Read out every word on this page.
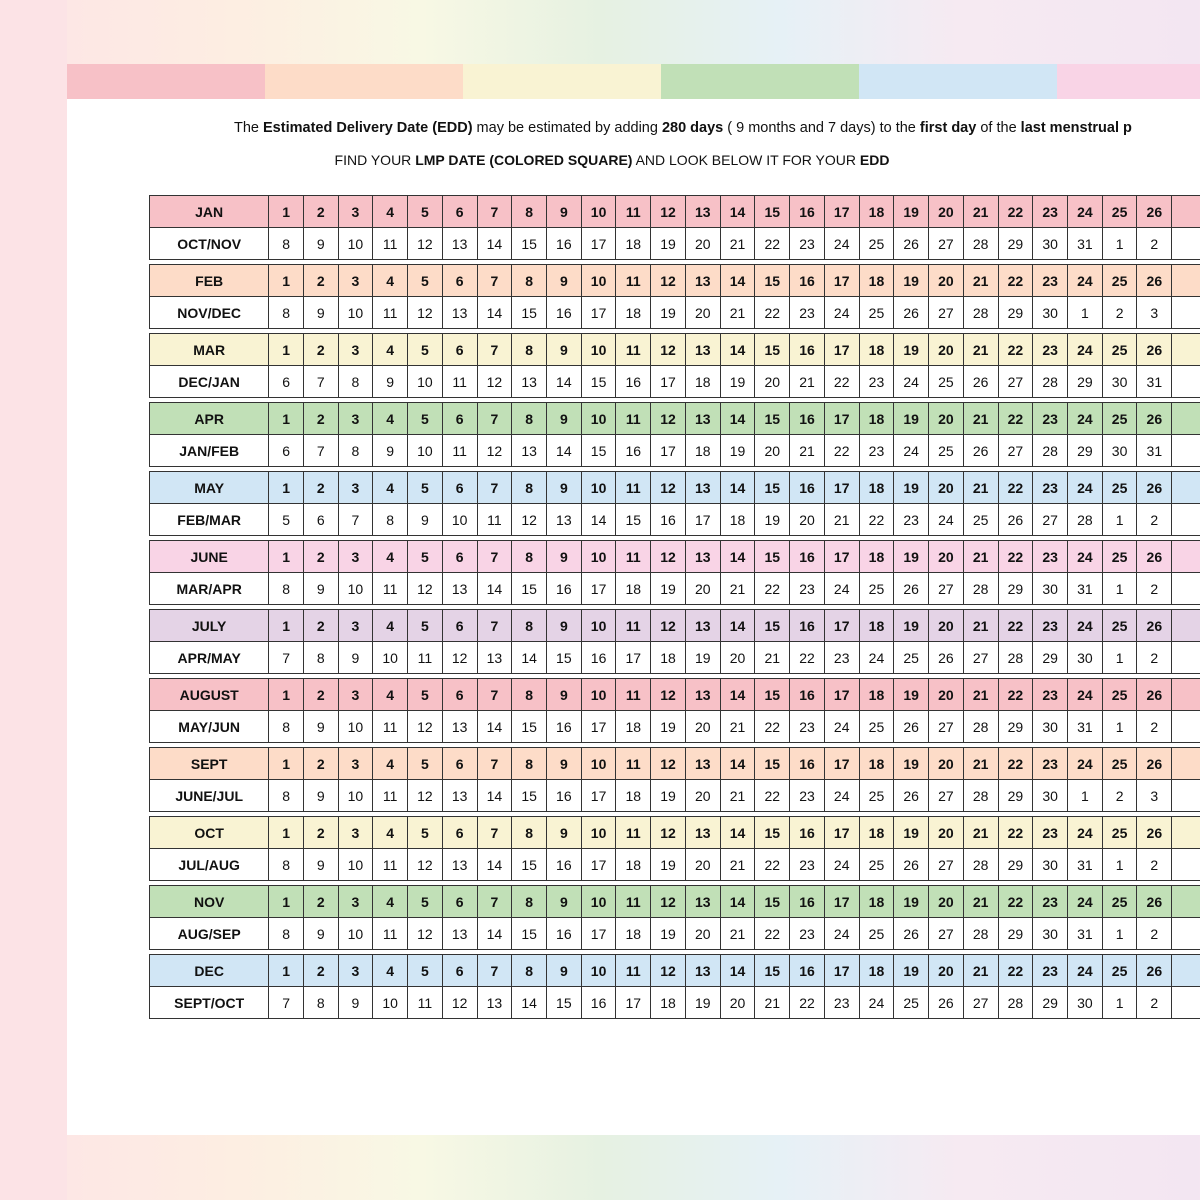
The Estimated Delivery Date (EDD) may be estimated by adding 280 days ( 9 months and 7 days) to the first day of the last menstrual p
FIND YOUR LMP DATE (COLORED SQUARE) AND LOOK BELOW IT FOR YOUR EDD
JAN	1	2	3	4	5	6	7	8	9	10	11	12	13	14	15	16	17	18	19	20	21	22	23	24	25	26	
OCT/NOV	8	9	10	11	12	13	14	15	16	17	18	19	20	21	22	23	24	25	26	27	28	29	30	31	1	2	

FEB	1	2	3	4	5	6	7	8	9	10	11	12	13	14	15	16	17	18	19	20	21	22	23	24	25	26	
NOV/DEC	8	9	10	11	12	13	14	15	16	17	18	19	20	21	22	23	24	25	26	27	28	29	30	1	2	3	

MAR	1	2	3	4	5	6	7	8	9	10	11	12	13	14	15	16	17	18	19	20	21	22	23	24	25	26	
DEC/JAN	6	7	8	9	10	11	12	13	14	15	16	17	18	19	20	21	22	23	24	25	26	27	28	29	30	31	

APR	1	2	3	4	5	6	7	8	9	10	11	12	13	14	15	16	17	18	19	20	21	22	23	24	25	26	
JAN/FEB	6	7	8	9	10	11	12	13	14	15	16	17	18	19	20	21	22	23	24	25	26	27	28	29	30	31	

MAY	1	2	3	4	5	6	7	8	9	10	11	12	13	14	15	16	17	18	19	20	21	22	23	24	25	26	
FEB/MAR	5	6	7	8	9	10	11	12	13	14	15	16	17	18	19	20	21	22	23	24	25	26	27	28	1	2	

JUNE	1	2	3	4	5	6	7	8	9	10	11	12	13	14	15	16	17	18	19	20	21	22	23	24	25	26	
MAR/APR	8	9	10	11	12	13	14	15	16	17	18	19	20	21	22	23	24	25	26	27	28	29	30	31	1	2	

JULY	1	2	3	4	5	6	7	8	9	10	11	12	13	14	15	16	17	18	19	20	21	22	23	24	25	26	
APR/MAY	7	8	9	10	11	12	13	14	15	16	17	18	19	20	21	22	23	24	25	26	27	28	29	30	1	2	

AUGUST	1	2	3	4	5	6	7	8	9	10	11	12	13	14	15	16	17	18	19	20	21	22	23	24	25	26	
MAY/JUN	8	9	10	11	12	13	14	15	16	17	18	19	20	21	22	23	24	25	26	27	28	29	30	31	1	2	

SEPT	1	2	3	4	5	6	7	8	9	10	11	12	13	14	15	16	17	18	19	20	21	22	23	24	25	26	
JUNE/JUL	8	9	10	11	12	13	14	15	16	17	18	19	20	21	22	23	24	25	26	27	28	29	30	1	2	3	

OCT	1	2	3	4	5	6	7	8	9	10	11	12	13	14	15	16	17	18	19	20	21	22	23	24	25	26	
JUL/AUG	8	9	10	11	12	13	14	15	16	17	18	19	20	21	22	23	24	25	26	27	28	29	30	31	1	2	

NOV	1	2	3	4	5	6	7	8	9	10	11	12	13	14	15	16	17	18	19	20	21	22	23	24	25	26	
AUG/SEP	8	9	10	11	12	13	14	15	16	17	18	19	20	21	22	23	24	25	26	27	28	29	30	31	1	2	

DEC	1	2	3	4	5	6	7	8	9	10	11	12	13	14	15	16	17	18	19	20	21	22	23	24	25	26	
SEPT/OCT	7	8	9	10	11	12	13	14	15	16	17	18	19	20	21	22	23	24	25	26	27	28	29	30	1	2	
